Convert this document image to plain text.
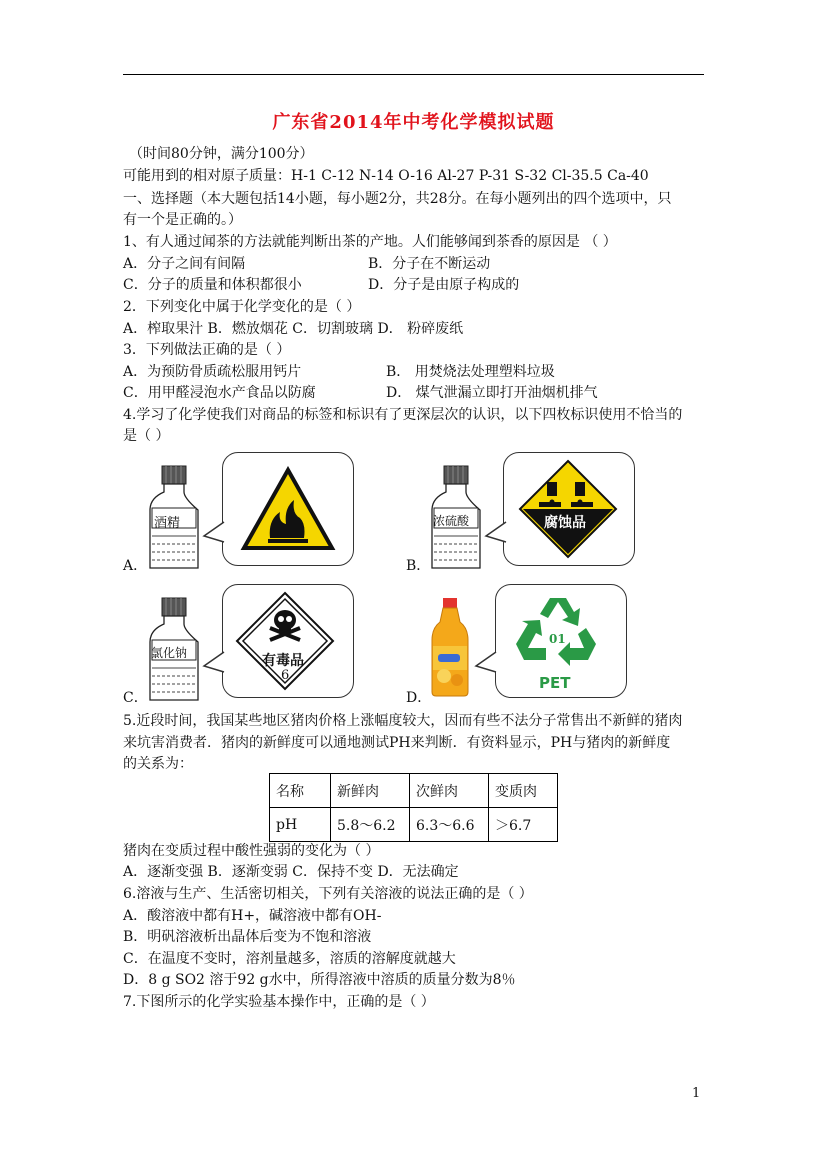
广东省2014年中考化学模拟试题
（时间80分钟，满分100分）
可能用到的相对原子质量：H-1 C-12 N-14 O-16 Al-27 P-31 S-32 Cl-35.5 Ca-40
一、选择题（本大题包括14小题，每小题2分，共28分。在每小题列出的四个选项中，只
有一个是正确的。）
1、有人通过闻茶的方法就能判断出茶的产地。人们能够闻到茶香的原因是 （ ）
A．分子之间有间隔	B．分子在不断运动
C．分子的质量和体积都很小	D．分子是由原子构成的
2．下列变化中属于化学变化的是（ ）
A．榨取果汁 B．燃放烟花 C．切割玻璃 D． 粉碎废纸
3．下列做法正确的是（ ）
A．为预防骨质疏松服用钙片	B． 用焚烧法处理塑料垃圾
C．用甲醛浸泡水产食品以防腐	D． 煤气泄漏立即打开油烟机排气
4.学习了化学使我们对商品的标签和标识有了更深层次的认识，以下四枚标识使用不恰当的
是（ ）
A．
酒精
B．
浓硫酸	腐蚀品
C．
氯化钠	有毒品
6
D．
01
PET
5.近段时间，我国某些地区猪肉价格上涨幅度较大，因而有些不法分子常售出不新鲜的猪肉
来坑害消费者．猪肉的新鲜度可以通地测试PH来判断．有资料显示，PH与猪肉的新鲜度
的关系为：
名称	新鲜肉	次鲜肉	变质肉
pH	5.8～6.2	6.3～6.6	＞6.7
猪肉在变质过程中酸性强弱的变化为（ ）
A．逐渐变强 B．逐渐变弱 C．保持不变 D．无法确定
6.溶液与生产、生活密切相关，下列有关溶液的说法正确的是（ ）
A．酸溶液中都有H+，碱溶液中都有OH-
B．明矾溶液析出晶体后变为不饱和溶液
C．在温度不变时，溶剂量越多，溶质的溶解度就越大
D．8 g SO2 溶于92 g水中，所得溶液中溶质的质量分数为8％
7.下图所示的化学实验基本操作中，正确的是（ ）
1
